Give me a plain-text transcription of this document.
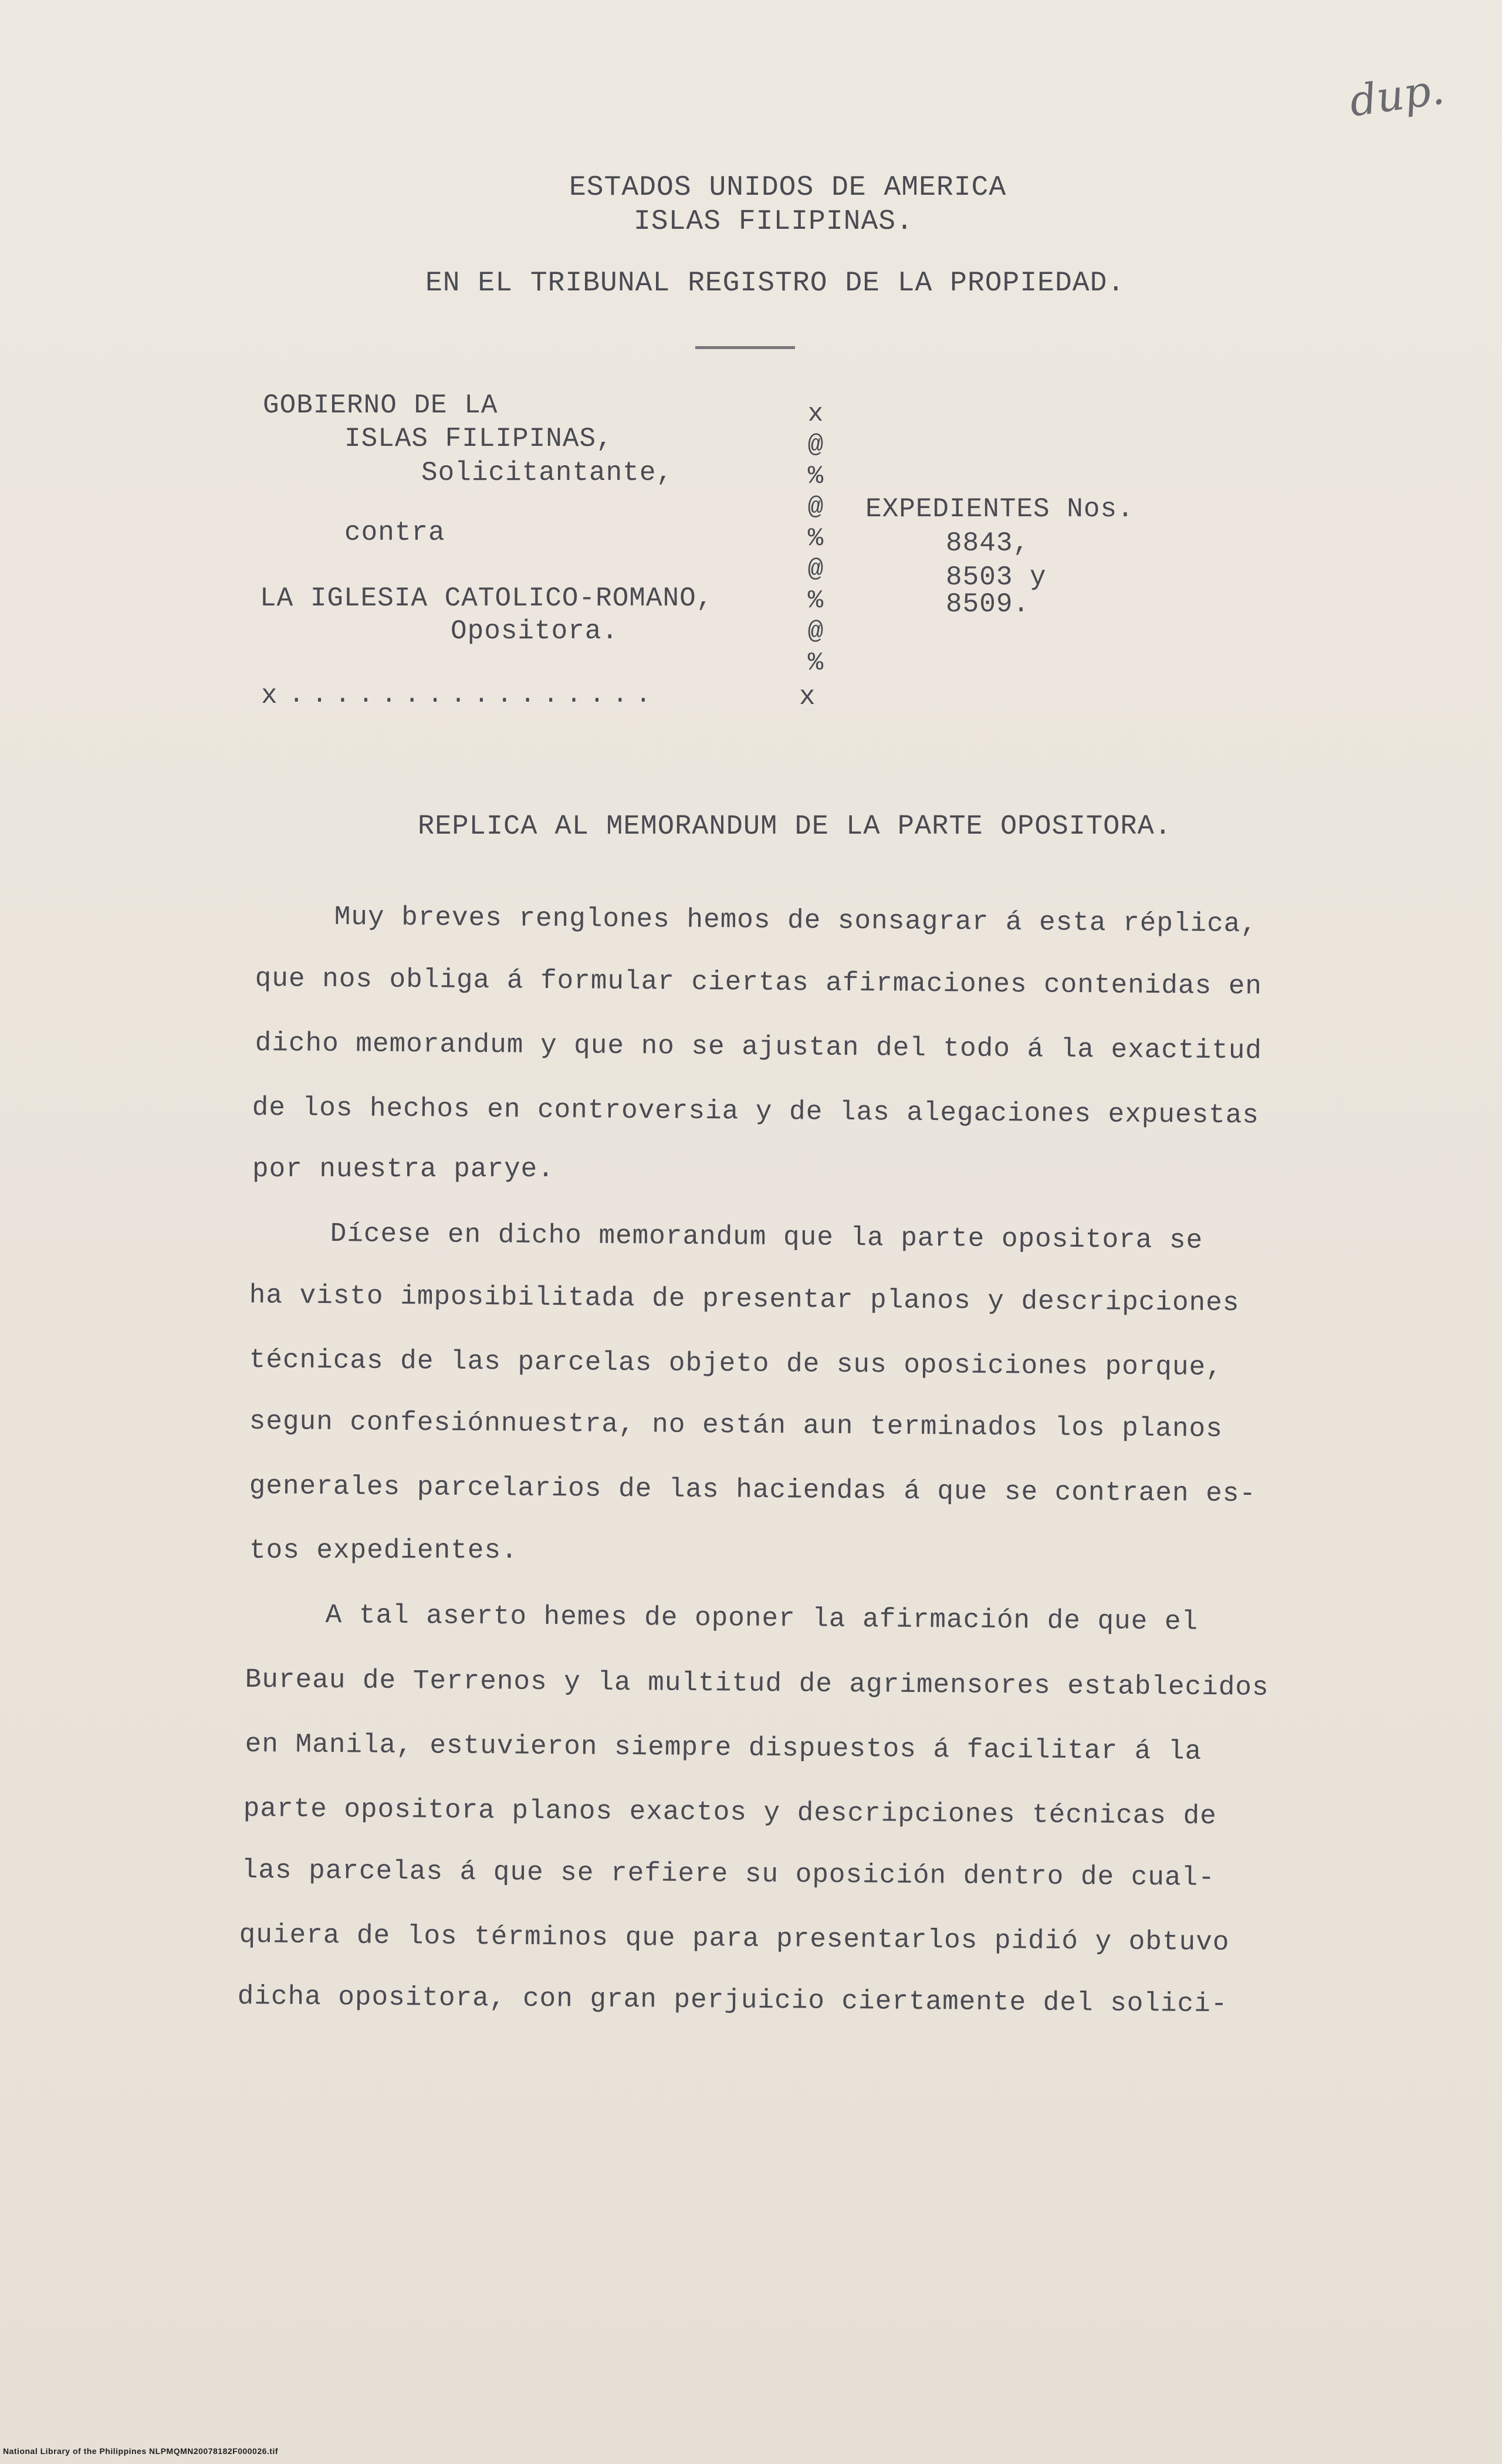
dup.
ESTADOS UNIDOS DE AMERICA
ISLAS FILIPINAS.
EN EL TRIBUNAL REGISTRO DE LA PROPIEDAD.
GOBIERNO DE LA
ISLAS FILIPINAS,
Solicitantante,
contra
LA IGLESIA CATOLICO-ROMANO,
Opositora.
x
@
%
@
%
@
%
@
%
x ................	x
EXPEDIENTES Nos.
8843,
8503 y
8509.
REPLICA AL MEMORANDUM DE LA PARTE OPOSITORA.
Muy breves renglones hemos de sonsagrar á esta réplica,
que nos obliga á formular ciertas afirmaciones contenidas en
dicho memorandum y que no se ajustan del todo á la exactitud
de los hechos en controversia y de las alegaciones expuestas
por nuestra parye.
Dícese en dicho memorandum que la parte opositora se
ha visto imposibilitada de presentar planos y descripciones
técnicas de las parcelas objeto de sus oposiciones porque,
segun confesiónnuestra, no están aun terminados los planos
generales parcelarios de las haciendas á que se contraen es-
tos expedientes.
A tal aserto hemes de oponer la afirmación de que el
Bureau de Terrenos y la multitud de agrimensores establecidos
en Manila, estuvieron siempre dispuestos á facilitar á la
parte opositora planos exactos y descripciones técnicas de
las parcelas á que se refiere su oposición dentro de cual-
quiera de los términos que para presentarlos pidió y obtuvo
dicha opositora, con gran perjuicio ciertamente del solici-
National Library of the Philippines NLPMQMN20078182F000026.tif
